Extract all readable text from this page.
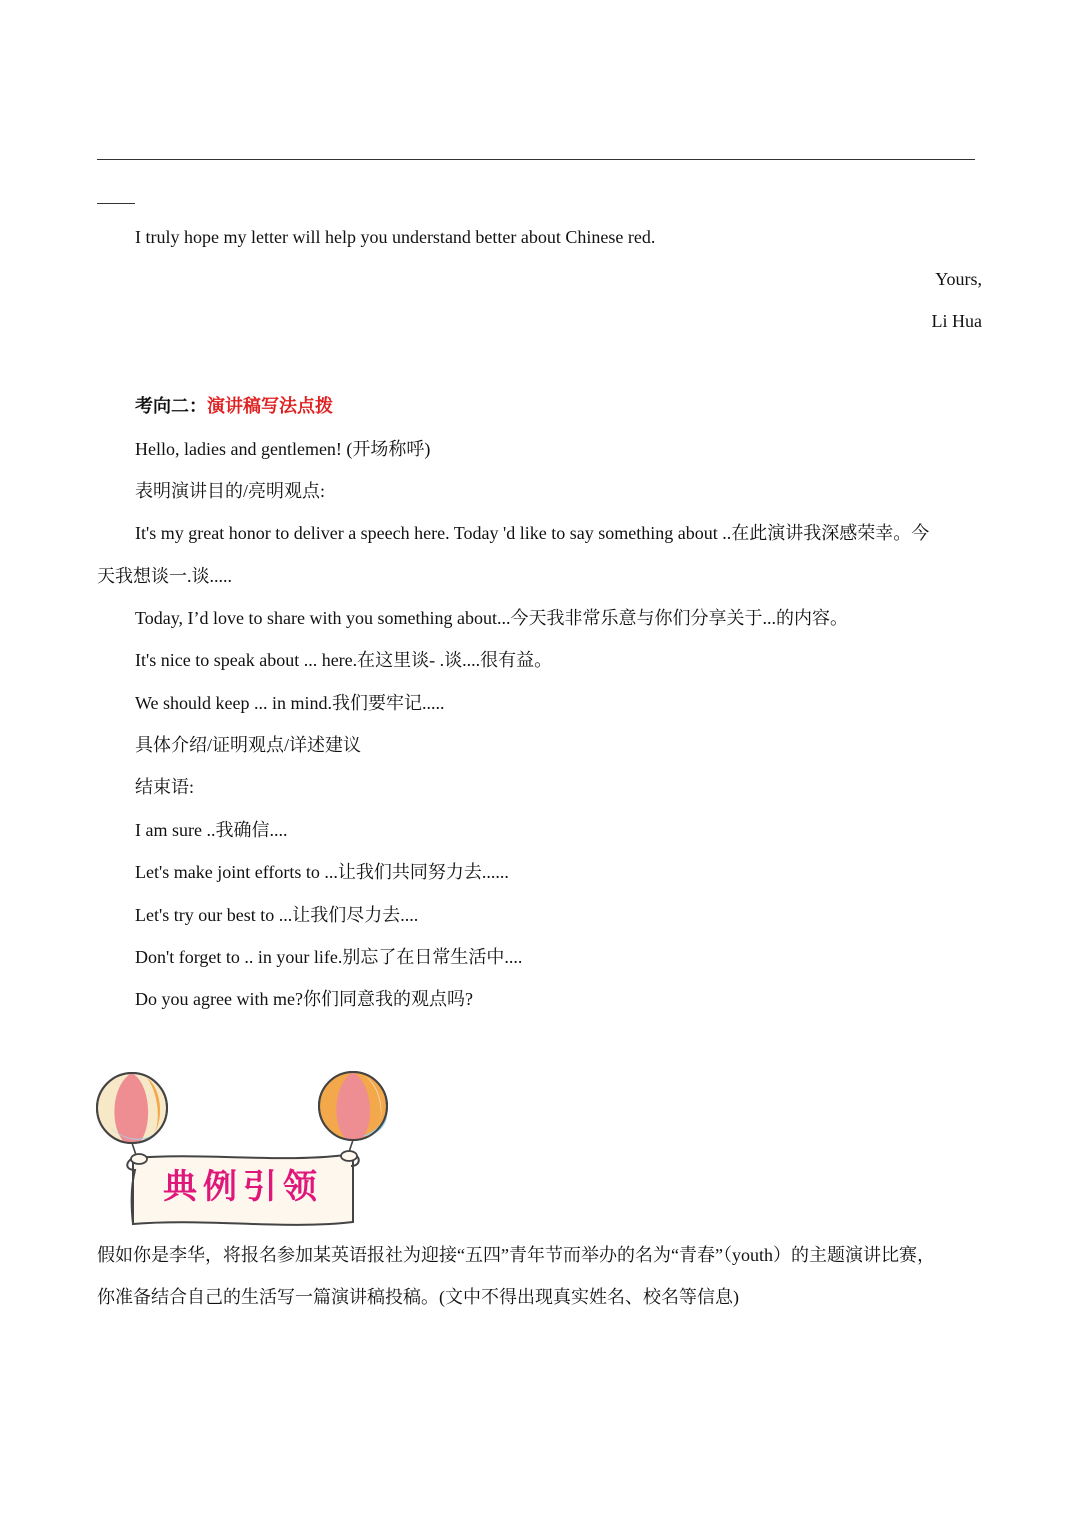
I truly hope my letter will help you understand better about Chinese red.
Yours,
Li Hua
考向二：演讲稿写法点拨
Hello, ladies and gentlemen! (开场称呼)
表明演讲目的/亮明观点:
It's my great honor to deliver a speech here. Today 'd like to say something about ..在此演讲我深感荣幸。今
天我想谈一.谈.....
Today, I’d love to share with you something about...今天我非常乐意与你们分享关于...的内容。
It's nice to speak about ... here.在这里谈- .谈....很有益。
We should keep ... in mind.我们要牢记.....
具体介绍/证明观点/详述建议
结束语:
I am sure ..我确信....
Let's make joint efforts to ...让我们共同努力去......
Let's try our best to ...让我们尽力去....
Don't forget to .. in your life.别忘了在日常生活中....
Do you agree with me?你们同意我的观点吗?
典例引领
假如你是李华，将报名参加某英语报社为迎接“五四”青年节而举办的名为“青春”（youth）的主题演讲比赛，
你准备结合自己的生活写一篇演讲稿投稿。(文中不得出现真实姓名、校名等信息)
